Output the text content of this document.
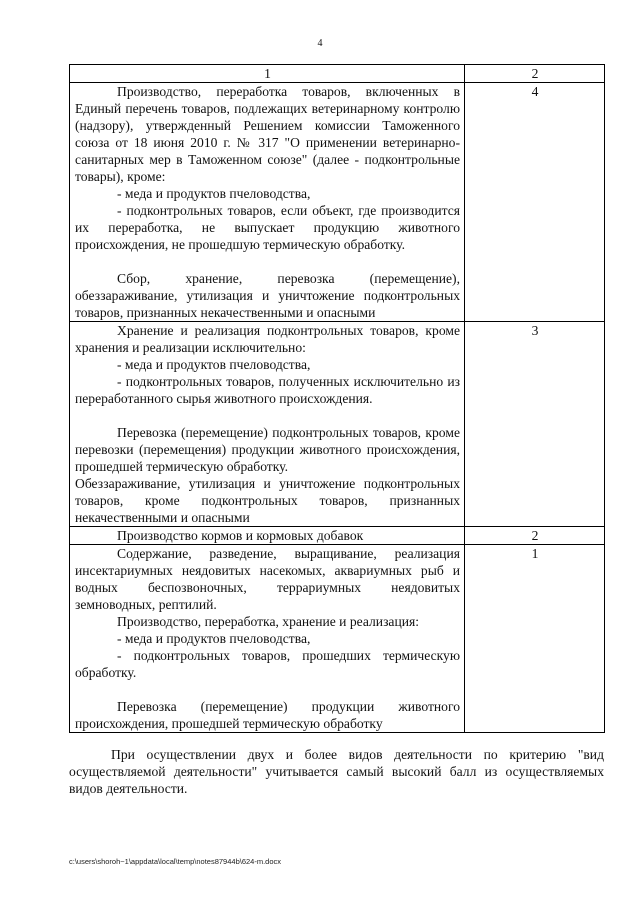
4
1	2

Производство, переработка товаров, включенных в Единый перечень товаров, подлежащих ветеринарному контролю (надзору), утвержденный Решением комиссии Таможенного союза от 18 июня 2010 г. № 317 "О применении ветеринарно-санитарных мер в Таможенном союзе" (далее - подконтрольные товары), кроме:

- меда и продуктов пчеловодства,

- подконтрольных товаров, если объект, где производится их переработка, не выпускает продукцию животного происхождения, не прошедшую термическую обработку.

Сбор, хранение, перевозка (перемещение), обеззараживание, утилизация и уничтожение подконтрольных товаров, признанных некачественными и опасными	4

Хранение и реализация подконтрольных товаров, кроме хранения и реализации исключительно:

- меда и продуктов пчеловодства,

- подконтрольных товаров, полученных исключительно из переработанного сырья животного происхождения.

Перевозка (перемещение) подконтрольных товаров, кроме перевозки (перемещения) продукции животного происхождения, прошедшей термическую обработку.

Обеззараживание, утилизация и уничтожение подконтрольных товаров, кроме подконтрольных товаров, признанных некачественными и опасными	3

Производство кормов и кормовых добавок	2

Содержание, разведение, выращивание, реализация инсектариумных неядовитых насекомых, аквариумных рыб и водных беспозвоночных, террариумных неядовитых земноводных, рептилий.

Производство, переработка, хранение и реализация:

- меда и продуктов пчеловодства,

- подконтрольных товаров, прошедших термическую обработку.

Перевозка (перемещение) продукции животного происхождения, прошедшей термическую обработку	1

При осуществлении двух и более видов деятельности по критерию "вид осуществляемой деятельности" учитывается самый высокий балл из осуществляемых видов деятельности.

c:\users\shoroh~1\appdata\local\temp\notes87944b\624-m.docx
